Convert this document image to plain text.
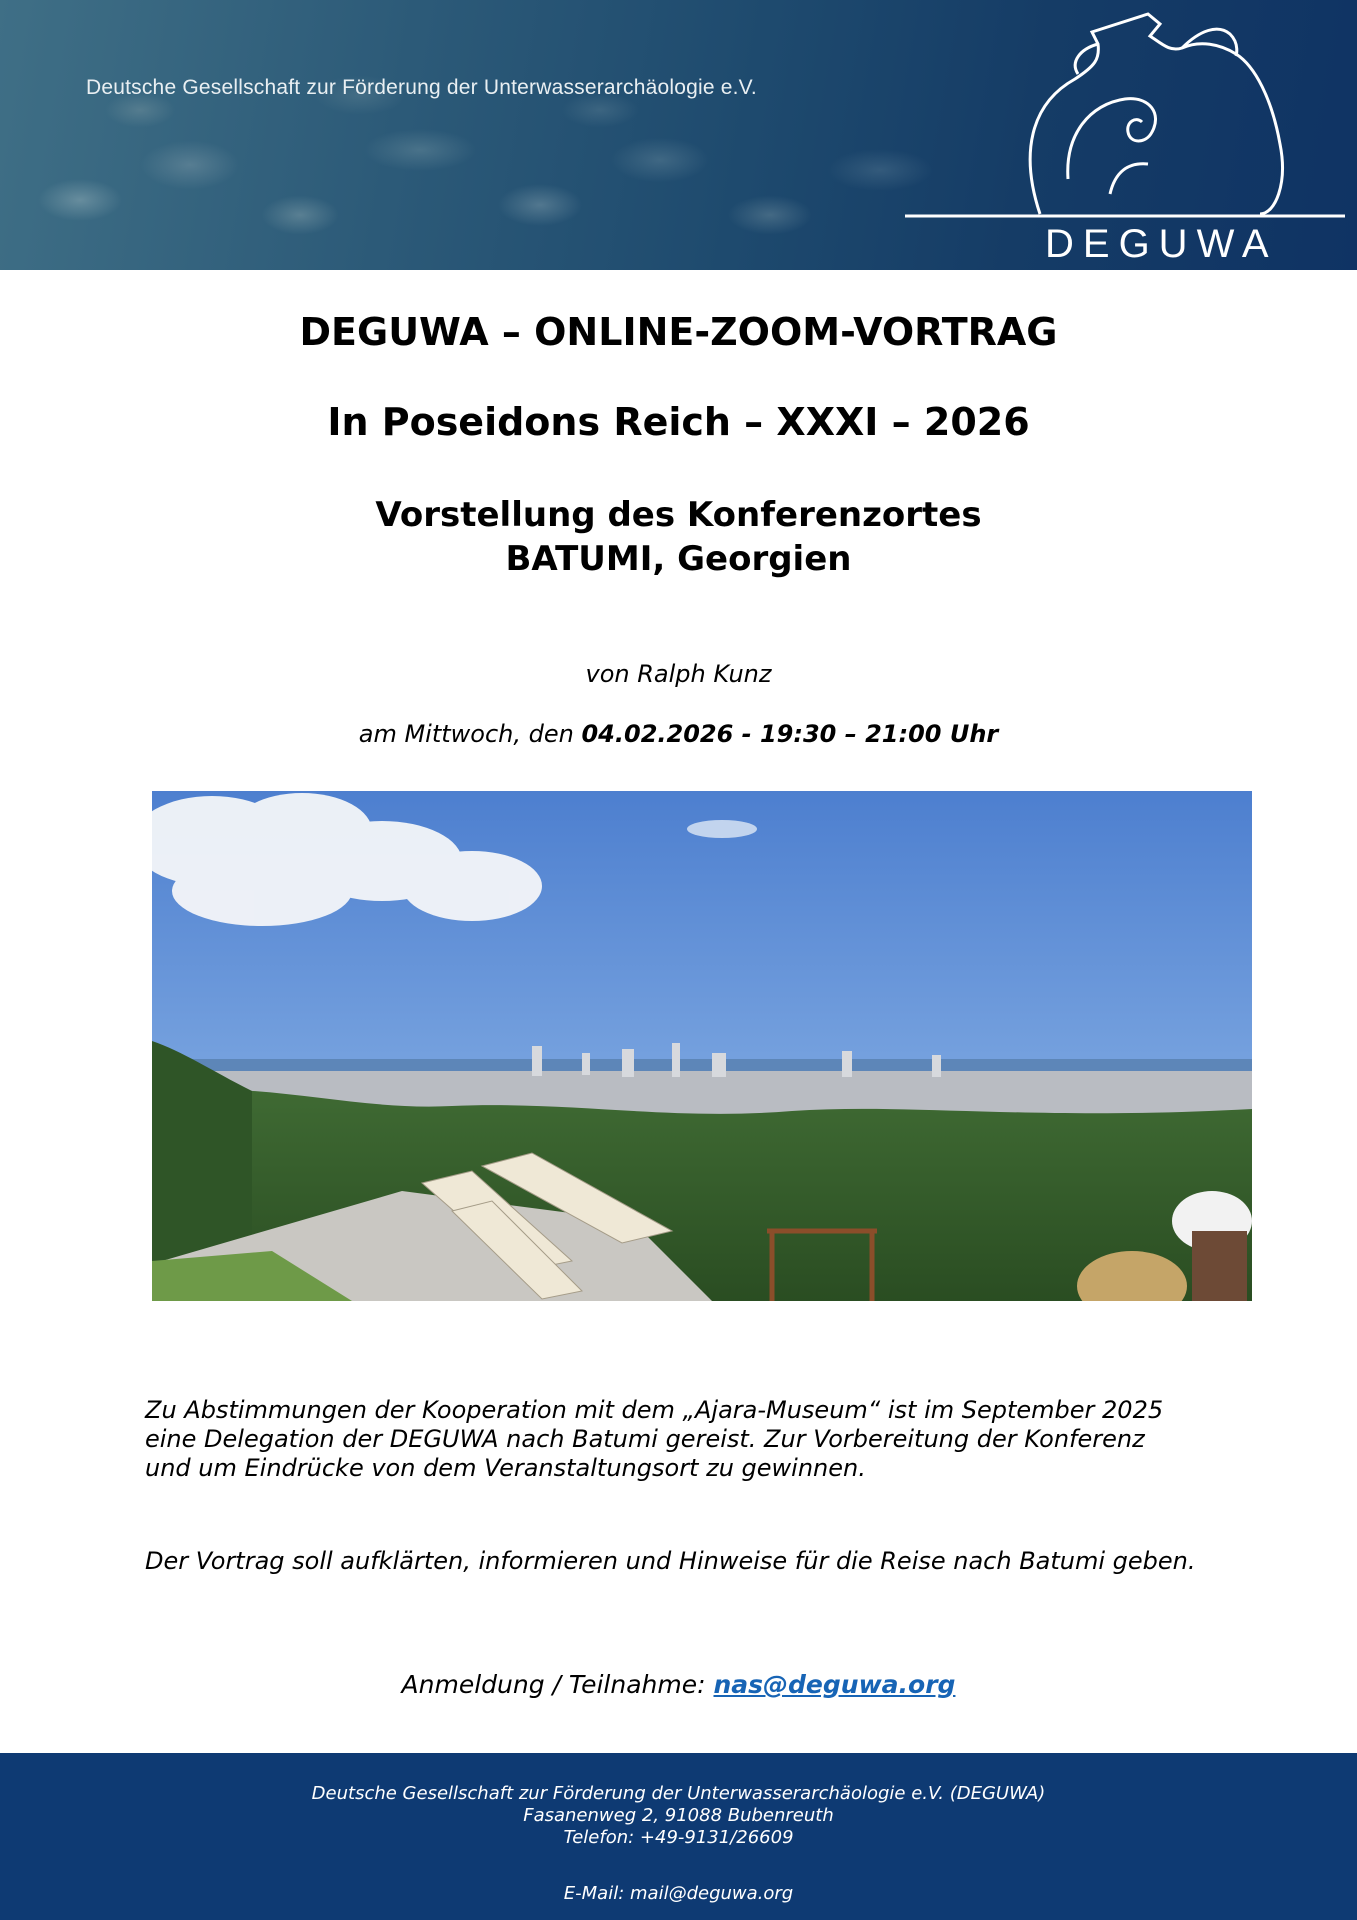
Deutsche Gesellschaft zur Förderung der Unterwasserarchäologie e.V.
DEGUWA
DEGUWA – ONLINE-ZOOM-VORTRAG
In Poseidons Reich – XXXI – 2026
Vorstellung des Konferenzortes
BATUMI, Georgien
von Ralph Kunz
am Mittwoch, den 04.02.2026 - 19:30 – 21:00 Uhr
Zu Abstimmungen der Kooperation mit dem „Ajara-Museum“ ist im September 2025
eine Delegation der DEGUWA nach Batumi gereist. Zur Vorbereitung der Konferenz
und um Eindrücke von dem Veranstaltungsort zu gewinnen.
Der Vortrag soll aufklärten, informieren und Hinweise für die Reise nach Batumi geben.
Anmeldung / Teilnahme: nas@deguwa.org
Deutsche Gesellschaft zur Förderung der Unterwasserarchäologie e.V. (DEGUWA)
Fasanenweg 2, 91088 Bubenreuth
Telefon: +49-9131/26609
E-Mail: mail@deguwa.org
